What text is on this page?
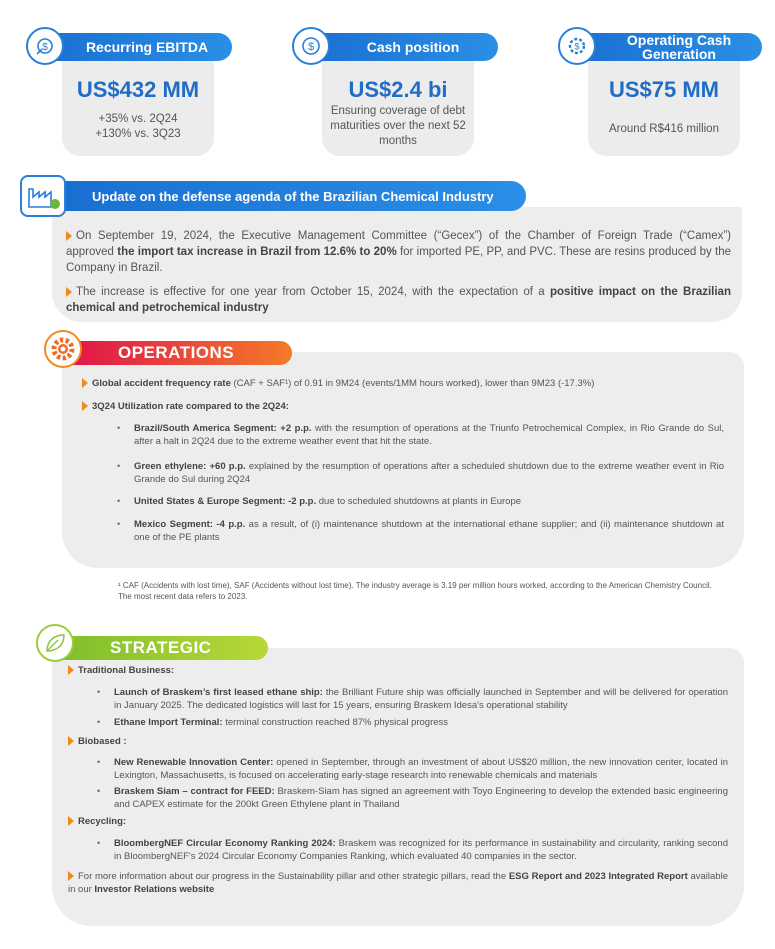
Recurring EBITDA
$
US$432 MM
+35% vs. 2Q24
+130% vs. 3Q23
Cash position
$
US$2.4 bi
Ensuring coverage of debt
maturities over the next 52
months
Operating Cash Generation
$
US$75 MM
Around R$416 million
Update on the defense agenda of the Brazilian Chemical Industry
On September 19, 2024, the Executive Management Committee (“Gecex”) of the Chamber of Foreign Trade (“Camex”) approved the import tax increase in Brazil from 12.6% to 20% for imported PE, PP, and PVC. These are resins produced by the Company in Brazil.
The increase is effective for one year from October 15, 2024, with the expectation of a positive impact on the Brazilian chemical and petrochemical industry
OPERATIONS
Global accident frequency rate (CAF + SAF¹) of 0.91 in 9M24 (events/1MM hours worked), lower than 9M23 (-17.3%)
3Q24 Utilization rate compared to the 2Q24:
• Brazil/South America Segment: +2 p.p. with the resumption of operations at the Triunfo Petrochemical Complex, in Rio Grande do Sul, after a halt in 2Q24 due to the extreme weather event that hit the state.
• Green ethylene: +60 p.p. explained by the resumption of operations after a scheduled shutdown due to the extreme weather event in Rio Grande do Sul during 2Q24
• United States & Europe Segment: -2 p.p. due to scheduled shutdowns at plants in Europe
• Mexico Segment: -4 p.p. as a result, of (i) maintenance shutdown at the international ethane supplier; and (ii) maintenance shutdown at one of the PE plants
¹ CAF (Accidents with lost time), SAF (Accidents without lost time). The industry average is 3.19 per million hours worked, according to the American Chemistry Council. The most recent data refers to 2023.
STRATEGIC
Traditional Business:
• Launch of Braskem’s first leased ethane ship: the Brilliant Future ship was officially launched in September and will be delivered for operation in January 2025. The dedicated logistics will last for 15 years, ensuring Braskem Idesa's operational stability
• Ethane Import Terminal: terminal construction reached 87% physical progress
Biobased :
• New Renewable Innovation Center: opened in September, through an investment of about US$20 million, the new innovation center, located in Lexington, Massachusetts, is focused on accelerating early-stage research into renewable chemicals and materials
• Braskem Siam – contract for FEED: Braskem-Siam has signed an agreement with Toyo Engineering to develop the extended basic engineering and CAPEX estimate for the 200kt Green Ethylene plant in Thailand
Recycling:
• BloombergNEF Circular Economy Ranking 2024: Braskem was recognized for its performance in sustainability and circularity, ranking second in BloombergNEF's 2024 Circular Economy Companies Ranking, which evaluated 40 companies in the sector.
For more information about our progress in the Sustainability pillar and other strategic pillars, read the ESG Report and 2023 Integrated Report available in our Investor Relations website
